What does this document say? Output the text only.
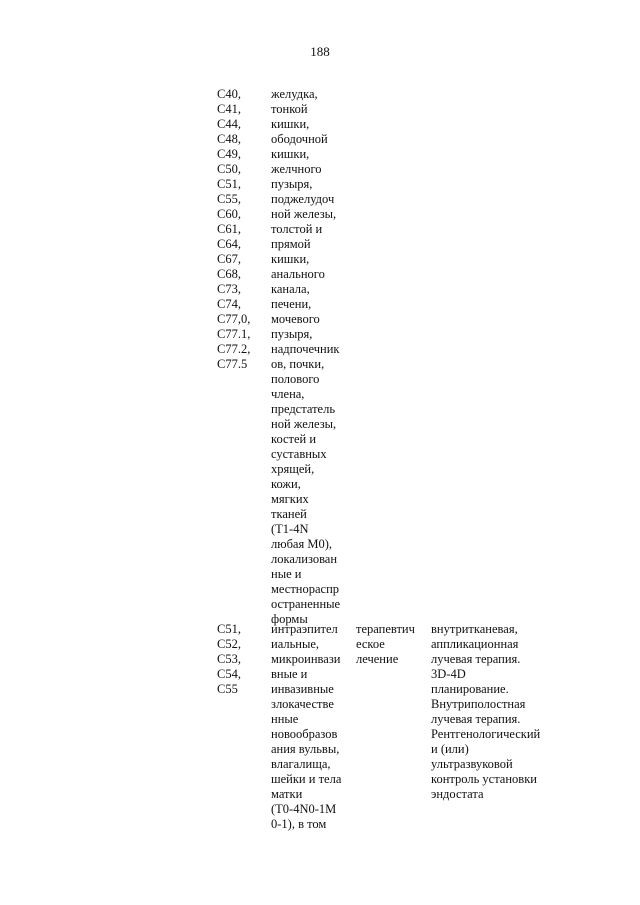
188
C40,
C41,
C44,
C48,
C49,
C50,
C51,
C55,
C60,
C61,
C64,
C67,
C68,
C73,
C74,
C77,0,
C77.1,
C77.2,
C77.5
желудка,
тонкой
кишки,
ободочной
кишки,
желчного
пузыря,
поджелудоч
ной железы,
толстой и
прямой
кишки,
анального
канала,
печени,
мочевого
пузыря,
надпочечник
ов, почки,
полового
члена,
предстатель
ной железы,
костей и
суставных
хрящей,
кожи,
мягких
тканей
(T1-4N
любая M0),
локализован
ные и
местнораспр
остраненные
формы
C51,
C52,
C53,
C54,
C55
интраэпител
иальные,
микроинвази
вные и
инвазивные
злокачестве
нные
новообразов
ания вульвы,
влагалища,
шейки и тела
матки
(T0-4N0-1M
0-1), в том
терапевтич
еское
лечение
внутритканевая,
аппликационная
лучевая терапия.
3D-4D
планирование.
Внутриполостная
лучевая терапия.
Рентгенологический
и (или)
ультразвуковой
контроль установки
эндостата
